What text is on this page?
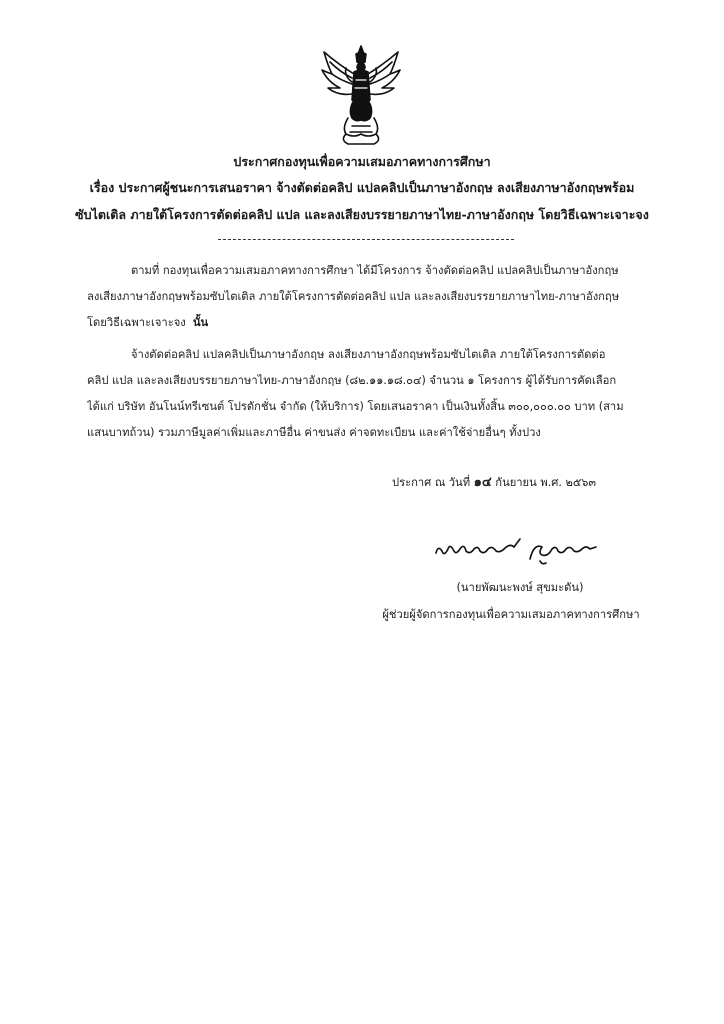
ประกาศกองทุนเพื่อความเสมอภาคทางการศึกษา
เรื่อง ประกาศผู้ชนะการเสนอราคา จ้างตัดต่อคลิป แปลคลิปเป็นภาษาอังกฤษ ลงเสียงภาษาอังกฤษพร้อม
ซับไตเติล ภายใต้โครงการตัดต่อคลิป แปล และลงเสียงบรรยายภาษาไทย-ภาษาอังกฤษ โดยวิธีเฉพาะเจาะจง
ตามที่ กองทุนเพื่อความเสมอภาคทางการศึกษา ได้มีโครงการ จ้างตัดต่อคลิป แปลคลิปเป็นภาษาอังกฤษ
ลงเสียงภาษาอังกฤษพร้อมซับไตเติล ภายใต้โครงการตัดต่อคลิป แปล และลงเสียงบรรยายภาษาไทย-ภาษาอังกฤษ
โดยวิธีเฉพาะเจาะจง นั้น
จ้างตัดต่อคลิป แปลคลิปเป็นภาษาอังกฤษ ลงเสียงภาษาอังกฤษพร้อมซับไตเติล ภายใต้โครงการตัดต่อ
คลิป แปล และลงเสียงบรรยายภาษาไทย-ภาษาอังกฤษ (๘๒.๑๑.๑๘.๐๔) จำนวน ๑ โครงการ ผู้ได้รับการคัดเลือก
ได้แก่ บริษัท อันโนน์ทรีเซนต์ โปรดักชั่น จำกัด (ให้บริการ) โดยเสนอราคา เป็นเงินทั้งสิ้น ๓๐๐,๐๐๐.๐๐ บาท (สาม
แสนบาทถ้วน) รวมภาษีมูลค่าเพิ่มและภาษีอื่น ค่าขนส่ง ค่าจดทะเบียน และค่าใช้จ่ายอื่นๆ ทั้งปวง
ประกาศ ณ วันที่ ๑๔ กันยายน พ.ศ. ๒๕๖๓
(นายพัฒนะพงษ์ สุขมะดัน)
ผู้ช่วยผู้จัดการกองทุนเพื่อความเสมอภาคทางการศึกษา
